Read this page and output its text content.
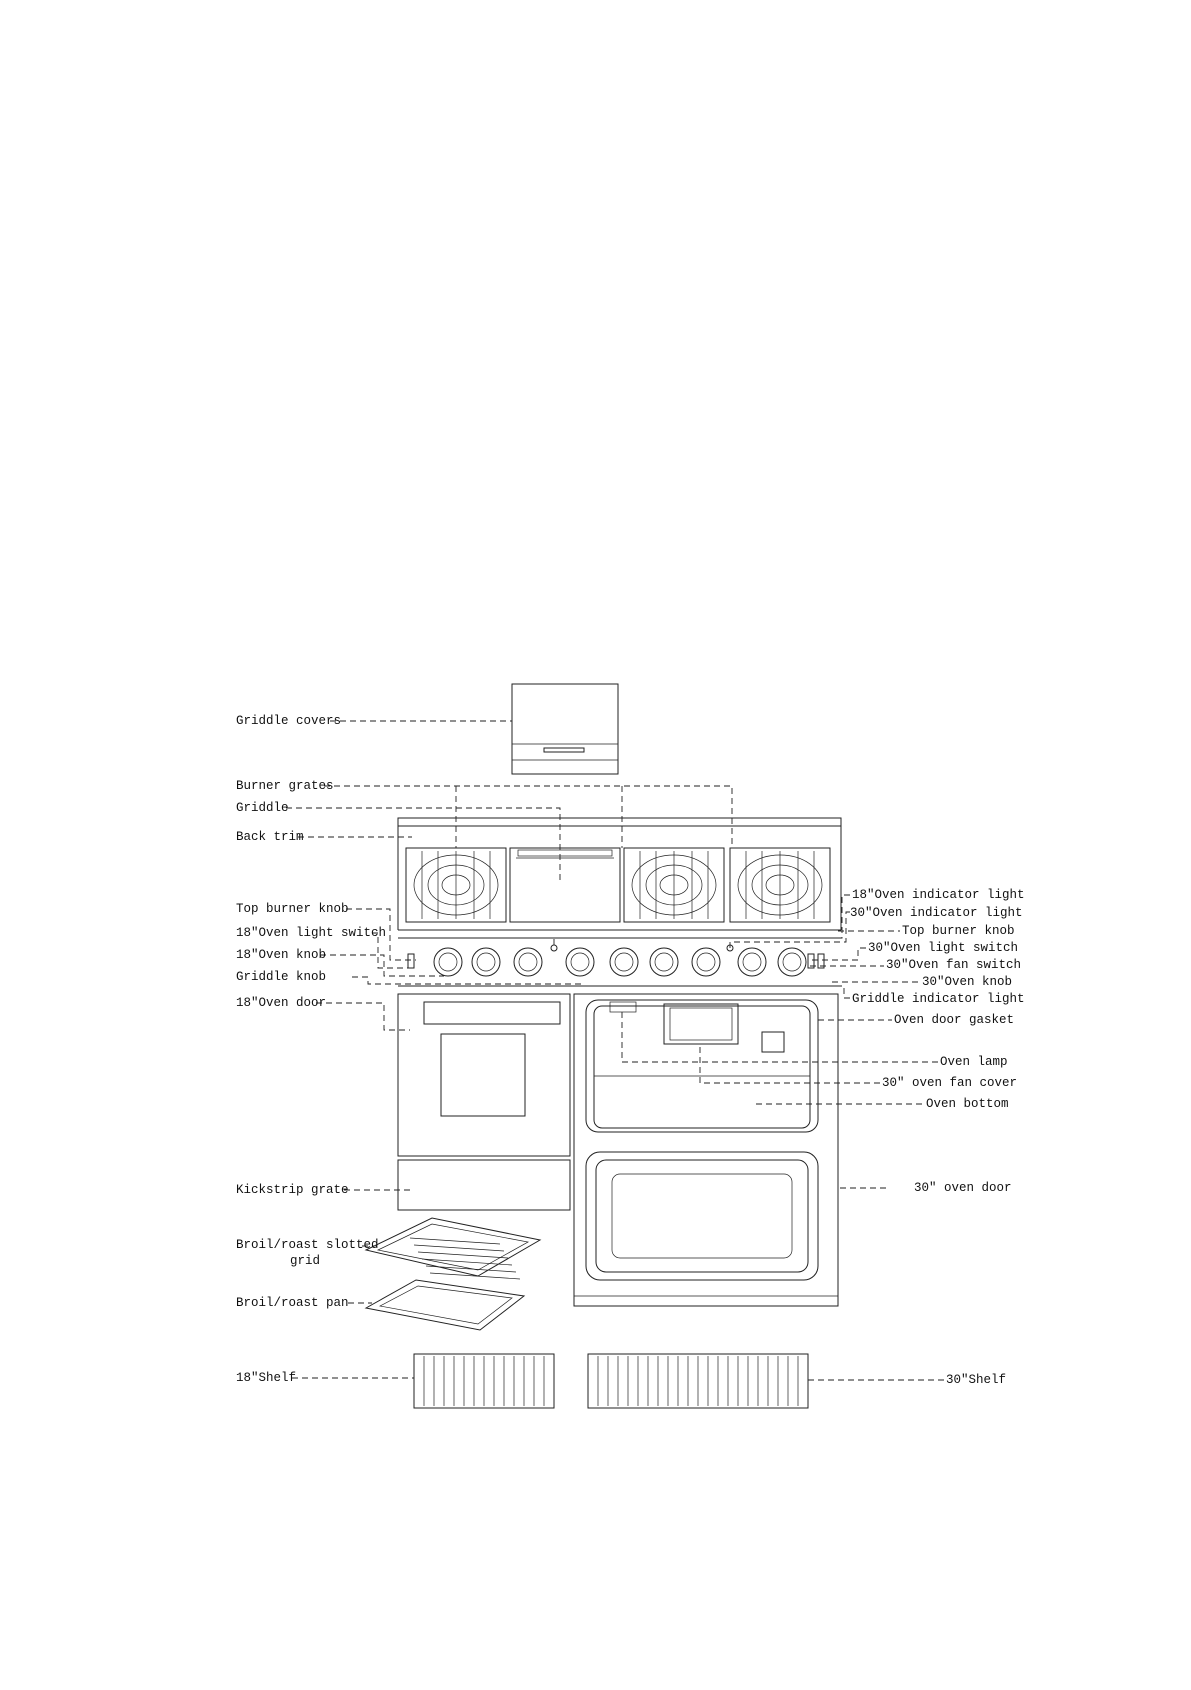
Griddle covers
Burner grates
Griddle
Back trim
Top burner knob
18″Oven light switch
18″Oven knob
Griddle knob
18″Oven door
Kickstrip grate
Broil/roast slotted
grid
Broil/roast pan
18″Shelf
18″Oven indicator light
30″Oven indicator light
Top burner knob
30″Oven light switch
30″Oven fan switch
30″Oven knob
Griddle indicator light
Oven door gasket
Oven lamp
30″ oven fan cover
Oven bottom
30″ oven door
30″Shelf
